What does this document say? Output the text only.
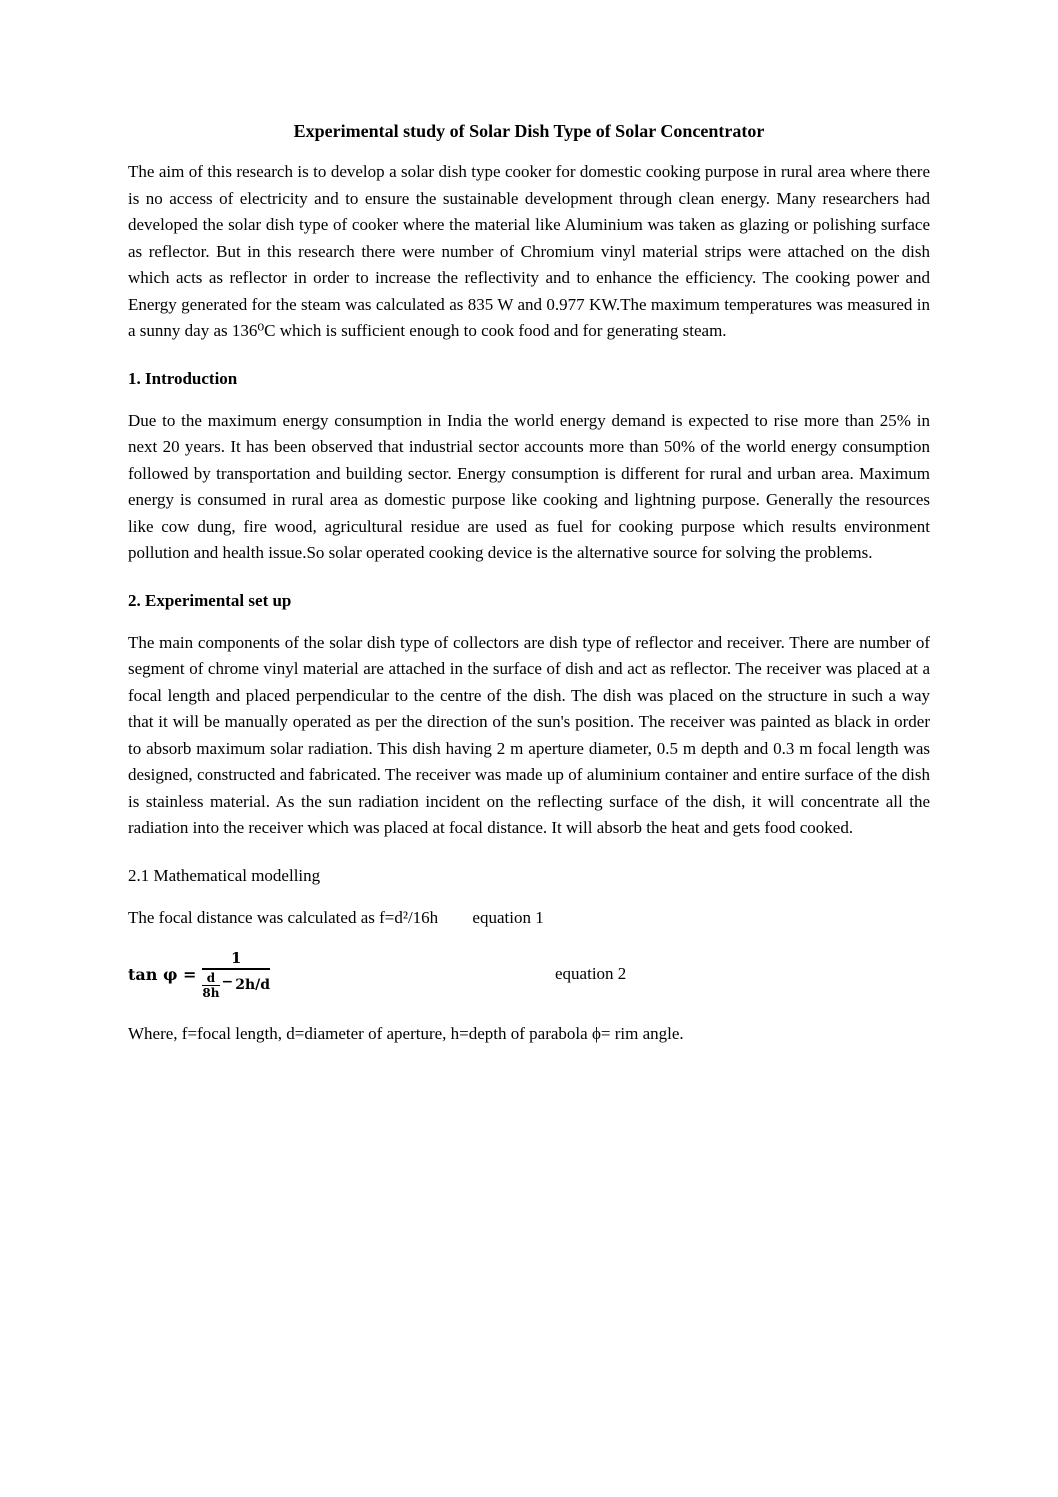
Experimental study of Solar Dish Type of Solar Concentrator

The aim of this research is to develop a solar dish type cooker for domestic cooking purpose in rural area where there is no access of electricity and to ensure the sustainable development through clean energy. Many researchers had developed the solar dish type of cooker where the material like Aluminium was taken as glazing or polishing surface as reflector. But in this research there were number of Chromium vinyl material strips were attached on the dish which acts as reflector in order to increase the reflectivity and to enhance the efficiency. The cooking power and Energy generated for the steam was calculated as 835 W and 0.977 KW.The maximum temperatures was measured in a sunny day as 136⁰C which is sufficient enough to cook food and for generating steam.

1. Introduction

Due to the maximum energy consumption in India the world energy demand is expected to rise more than 25% in next 20 years. It has been observed that industrial sector accounts more than 50% of the world energy consumption followed by transportation and building sector. Energy consumption is different for rural and urban area. Maximum energy is consumed in rural area as domestic purpose like cooking and lightning purpose. Generally the resources like cow dung, fire wood, agricultural residue are used as fuel for cooking purpose which results environment pollution and health issue.So solar operated cooking device is the alternative source for solving the problems.

2. Experimental set up

The main components of the solar dish type of collectors are dish type of reflector and receiver. There are number of segment of chrome vinyl material are attached in the surface of dish and act as reflector. The receiver was placed at a focal length and placed perpendicular to the centre of the dish. The dish was placed on the structure in such a way that it will be manually operated as per the direction of the sun's position. The receiver was painted as black in order to absorb maximum solar radiation. This dish having 2 m aperture diameter, 0.5 m depth and 0.3 m focal length was designed, constructed and fabricated. The receiver was made up of aluminium container and entire surface of the dish is stainless material. As the sun radiation incident on the reflecting surface of the dish, it will concentrate all the radiation into the receiver which was placed at focal distance. It will absorb the heat and gets food cooked.

2.1 Mathematical modelling
The focal distance was calculated as f=d²/16h equation 1
$\tan \varphi = \frac{1}{\frac{d}{8h} - 2h/d}$	equation 2

Where, f=focal length, d=diameter of aperture, h=depth of parabola ϕ= rim angle.
